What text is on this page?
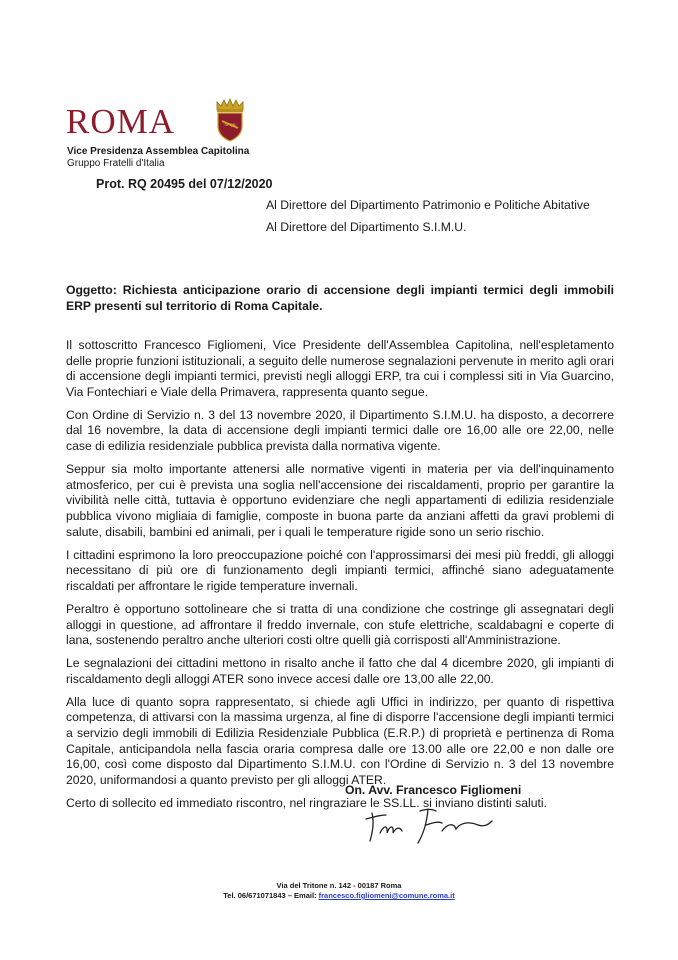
ROMA	SPQR
Vice Presidenza Assemblea Capitolina
Gruppo Fratelli d'Italia
Prot. RQ 20495 del 07/12/2020
Al Direttore del Dipartimento Patrimonio e Politiche Abitative
Al Direttore del Dipartimento S.I.M.U.
Oggetto: Richiesta anticipazione orario di accensione degli impianti termici degli immobili ERP presenti sul territorio di Roma Capitale.

Il sottoscritto Francesco Figliomeni, Vice Presidente dell'Assemblea Capitolina, nell'espletamento delle proprie funzioni istituzionali, a seguito delle numerose segnalazioni pervenute in merito agli orari di accensione degli impianti termici, previsti negli alloggi ERP, tra cui i complessi siti in Via Guarcino, Via Fontechiari e Viale della Primavera, rappresenta quanto segue.

Con Ordine di Servizio n. 3 del 13 novembre 2020, il Dipartimento S.I.M.U. ha disposto, a decorrere dal 16 novembre, la data di accensione degli impianti termici dalle ore 16,00 alle ore 22,00, nelle case di edilizia residenziale pubblica prevista dalla normativa vigente.

Seppur sia molto importante attenersi alle normative vigenti in materia per via dell'inquinamento atmosferico, per cui è prevista una soglia nell'accensione dei riscaldamenti, proprio per garantire la vivibilità nelle città, tuttavia è opportuno evidenziare che negli appartamenti di edilizia residenziale pubblica vivono migliaia di famiglie, composte in buona parte da anziani affetti da gravi problemi di salute, disabili, bambini ed animali, per i quali le temperature rigide sono un serio rischio.

I cittadini esprimono la loro preoccupazione poiché con l'approssimarsi dei mesi più freddi, gli alloggi necessitano di più ore di funzionamento degli impianti termici, affinché siano adeguatamente riscaldati per affrontare le rigide temperature invernali.

Peraltro è opportuno sottolineare che si tratta di una condizione che costringe gli assegnatari degli alloggi in questione, ad affrontare il freddo invernale, con stufe elettriche, scaldabagni e coperte di lana, sostenendo peraltro anche ulteriori costi oltre quelli già corrisposti all'Amministrazione.

Le segnalazioni dei cittadini mettono in risalto anche il fatto che dal 4 dicembre 2020, gli impianti di riscaldamento degli alloggi ATER sono invece accesi dalle ore 13,00 alle 22,00.

Alla luce di quanto sopra rappresentato, si chiede agli Uffici in indirizzo, per quanto di rispettiva competenza, di attivarsi con la massima urgenza, al fine di disporre l'accensione degli impianti termici a servizio degli immobili di Edilizia Residenziale Pubblica (E.R.P.) di proprietà e pertinenza di Roma Capitale, anticipandola nella fascia oraria compresa dalle ore 13.00 alle ore 22,00 e non dalle ore 16,00, così come disposto dal Dipartimento S.I.M.U. con l'Ordine di Servizio n. 3 del 13 novembre 2020, uniformandosi a quanto previsto per gli alloggi ATER.

Certo di sollecito ed immediato riscontro, nel ringraziare le SS.LL. si inviano distinti saluti.

On. Avv. Francesco Figliomeni
Via del Tritone n. 142 - 00187 Roma
Tel. 06/671071843 – Email: francesco.figliomeni@comune.roma.it
